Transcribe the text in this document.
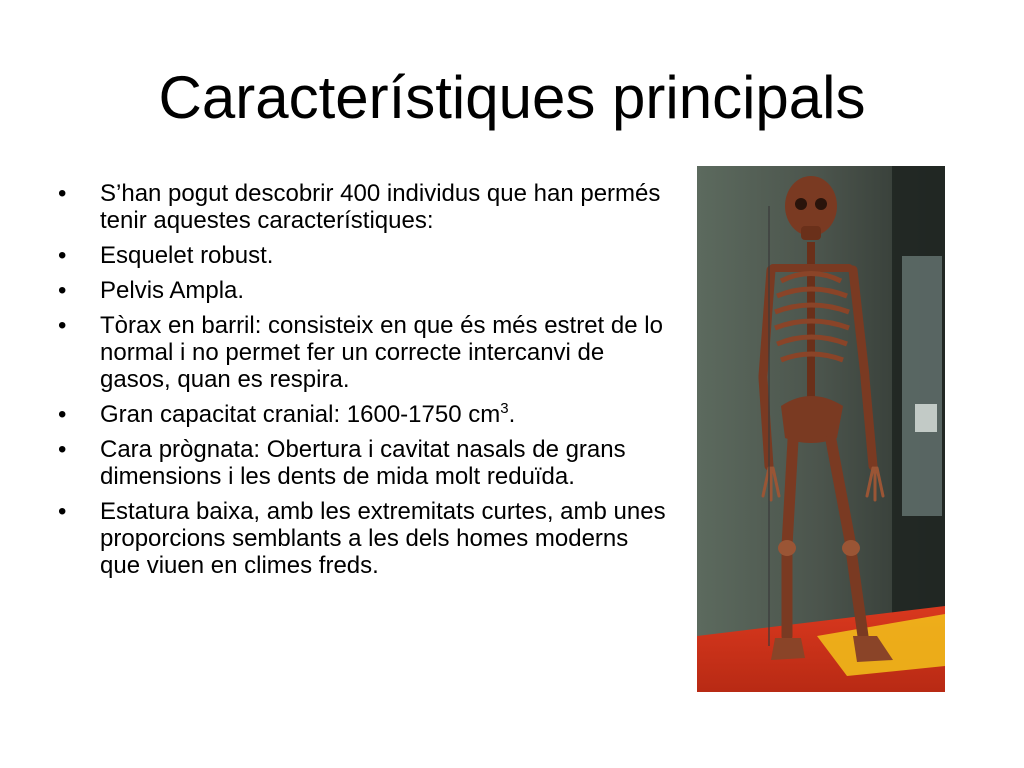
Característiques principals
• S’han pogut descobrir 400 individus que han permés tenir aquestes característiques:
• Esquelet robust.
• Pelvis Ampla.
• Tòrax en barril: consisteix en que és més estret de lo normal i no permet fer un correcte intercanvi de gasos, quan es respira.
• Gran capacitat cranial: 1600-1750 $cm^3$.
• Cara prògnata: Obertura i cavitat nasals de grans dimensions i les dents de mida molt reduïda.
• Estatura baixa, amb les extremitats curtes, amb unes proporcions semblants a les dels homes moderns que viuen en climes freds.
